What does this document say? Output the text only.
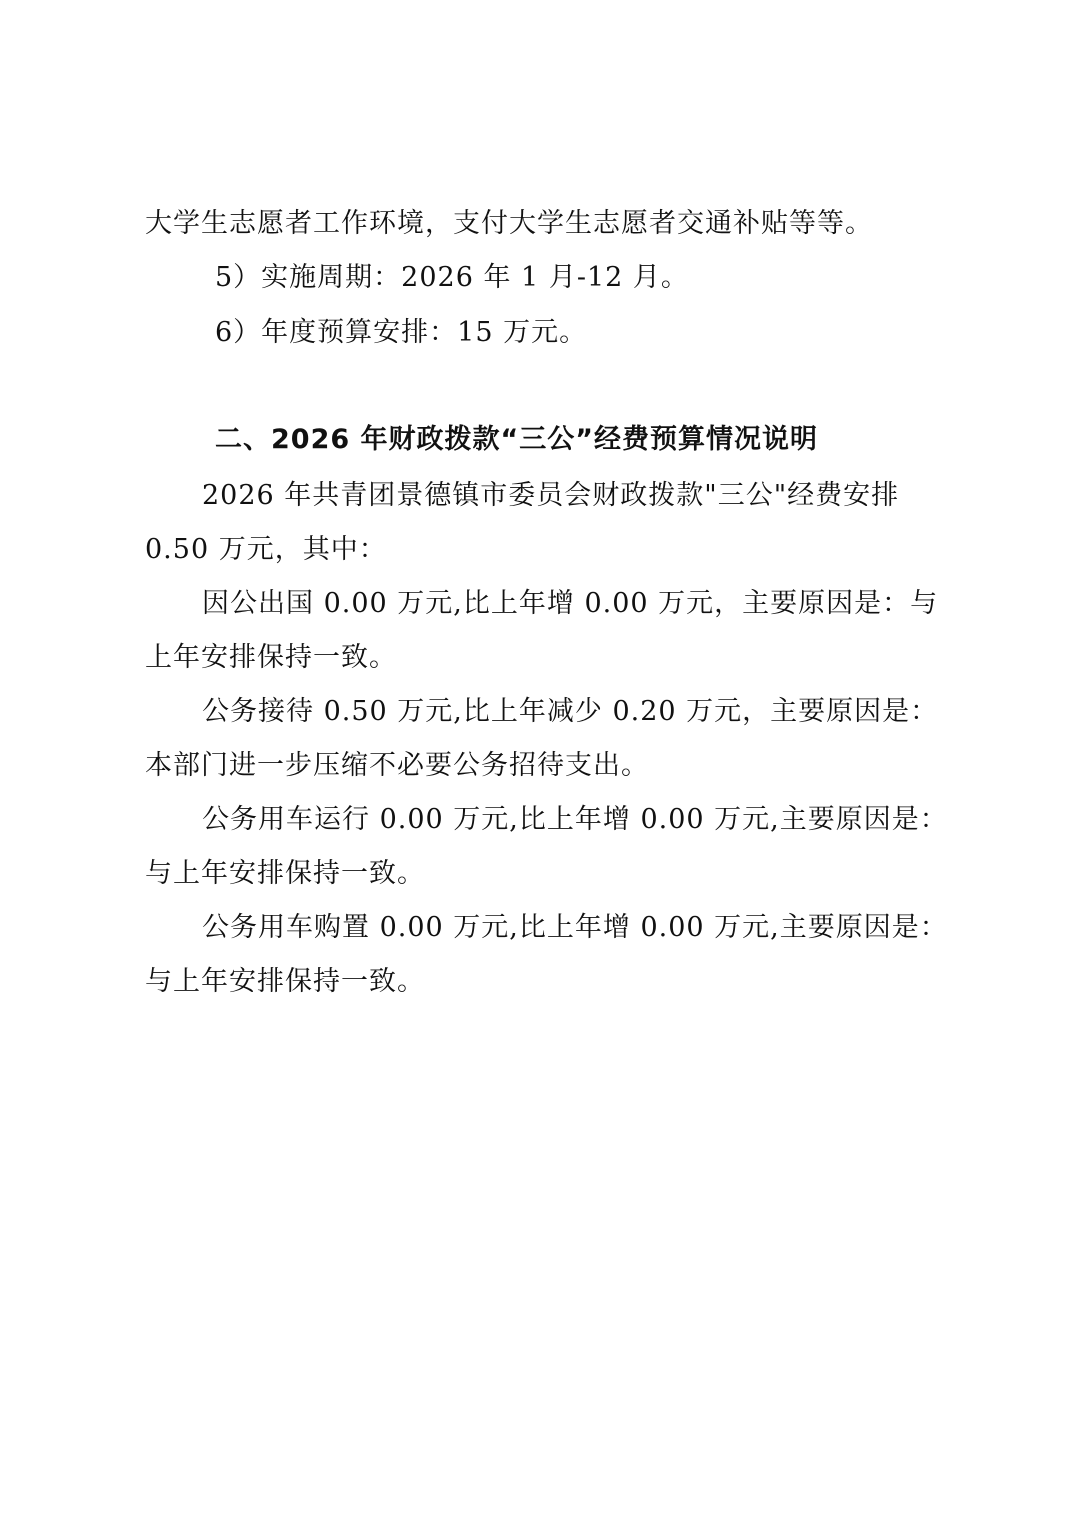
大学生志愿者工作环境，支付大学生志愿者交通补贴等等。
5）实施周期：2026 年 1 月-12 月。
6）年度预算安排：15 万元。
二、2026 年财政拨款“三公”经费预算情况说明
2026 年共青团景德镇市委员会财政拨款"三公"经费安排
0.50 万元，其中：
因公出国 0.00 万元,比上年增 0.00 万元，主要原因是：与
上年安排保持一致。
公务接待 0.50 万元,比上年减少 0.20 万元，主要原因是：
本部门进一步压缩不必要公务招待支出。
公务用车运行 0.00 万元,比上年增 0.00 万元,主要原因是：
与上年安排保持一致。
公务用车购置 0.00 万元,比上年增 0.00 万元,主要原因是：
与上年安排保持一致。
